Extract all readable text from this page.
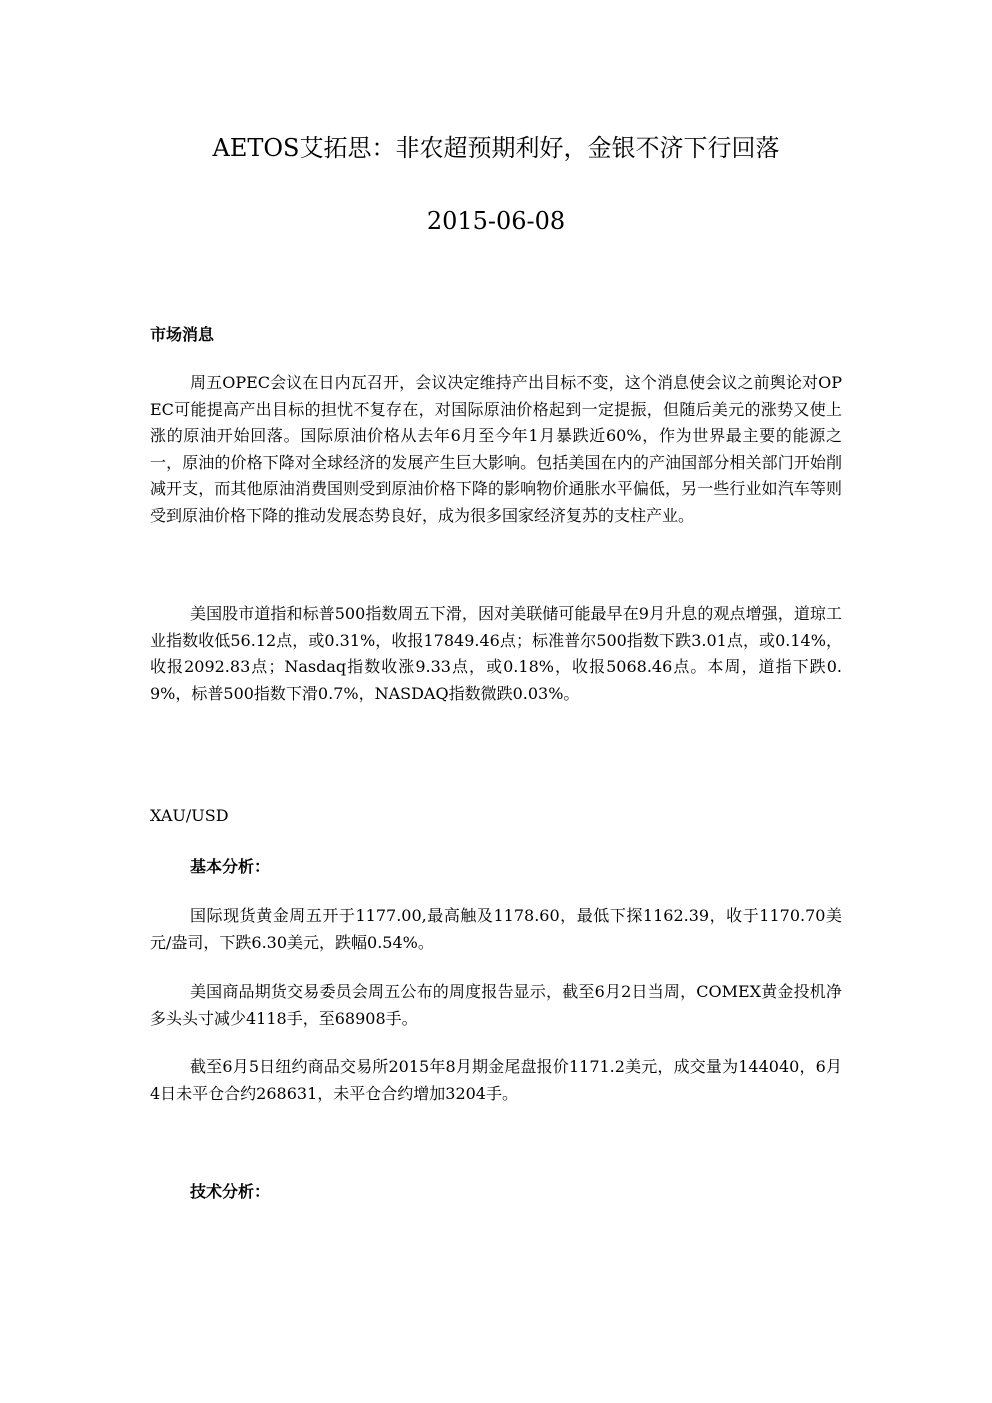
AETOS艾拓思：非农超预期利好，金银不济下行回落
2015-06-08
市场消息
周五OPEC会议在日内瓦召开，会议决定维持产出目标不变，这个消息使会议之前舆论对OPEC可能提高产出目标的担忧不复存在，对国际原油价格起到一定提振，但随后美元的涨势又使上涨的原油开始回落。国际原油价格从去年6月至今年1月暴跌近60%，作为世界最主要的能源之一，原油的价格下降对全球经济的发展产生巨大影响。包括美国在内的产油国部分相关部门开始削减开支，而其他原油消费国则受到原油价格下降的影响物价通胀水平偏低，另一些行业如汽车等则受到原油价格下降的推动发展态势良好，成为很多国家经济复苏的支柱产业。
美国股市道指和标普500指数周五下滑，因对美联储可能最早在9月升息的观点增强，道琼工业指数收低56.12点，或0.31%，收报17849.46点；标准普尔500指数下跌3.01点，或0.14%，收报2092.83点；Nasdaq指数收涨9.33点，或0.18%，收报5068.46点。本周，道指下跌0.9%，标普500指数下滑0.7%，NASDAQ指数微跌0.03%。
XAU/USD
基本分析：
国际现货黄金周五开于1177.00,最高触及1178.60，最低下探1162.39，收于1170.70美元/盎司，下跌6.30美元，跌幅0.54%。
美国商品期货交易委员会周五公布的周度报告显示，截至6月2日当周，COMEX黄金投机净多头头寸减少4118手，至68908手。
截至6月5日纽约商品交易所2015年8月期金尾盘报价1171.2美元，成交量为144040，6月4日未平仓合约268631，未平仓合约增加3204手。
技术分析：
